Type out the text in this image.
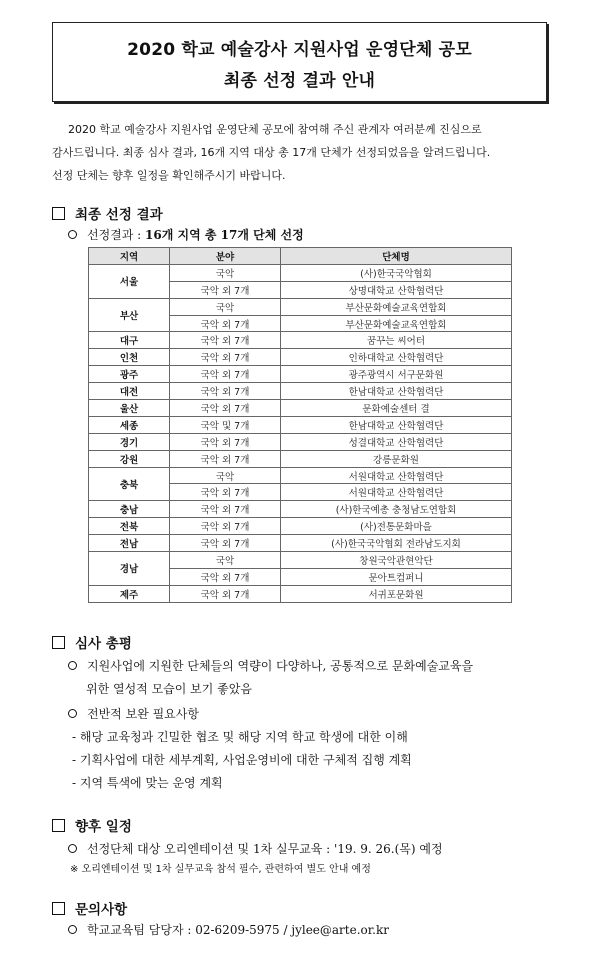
2020 학교 예술강사 지원사업 운영단체 공모
최종 선정 결과 안내
2020 학교 예술강사 지원사업 운영단체 공모에 참여해 주신 관계자 여러분께 진심으로
감사드립니다. 최종 심사 결과, 16개 지역 대상 총 17개 단체가 선정되었음을 알려드립니다.
선정 단체는 향후 일정을 확인해주시기 바랍니다.
최종 선정 결과
선정결과 : 16개 지역 총 17개 단체 선정
지역	분야	단체명
서울	국악	(사)한국국악협회
	국악 외 7개	상명대학교 산학협력단
부산	국악	부산문화예술교육연합회
	국악 외 7개	부산문화예술교육연합회
대구	국악 외 7개	꿈꾸는 씨어터
인천	국악 외 7개	인하대학교 산학협력단
광주	국악 외 7개	광주광역시 서구문화원
대전	국악 외 7개	한남대학교 산학협력단
울산	국악 외 7개	문화예술센터 결
세종	국악 및 7개	한남대학교 산학협력단
경기	국악 외 7개	성결대학교 산학협력단
강원	국악 외 7개	강릉문화원
충북	국악	서원대학교 산학협력단
	국악 외 7개	서원대학교 산학협력단
충남	국악 외 7개	(사)한국예총 충청남도연합회
전북	국악 외 7개	(사)전통문화마을
전남	국악 외 7개	(사)한국국악협회 전라남도지회
경남	국악	창원국악관현악단
	국악 외 7개	문아트컴퍼니
제주	국악 외 7개	서귀포문화원
심사 총평
지원사업에 지원한 단체들의 역량이 다양하나, 공통적으로 문화예술교육을
위한 열성적 모습이 보기 좋았음
전반적 보완 필요사항
- 해당 교육청과 긴밀한 협조 및 해당 지역 학교 학생에 대한 이해
- 기획사업에 대한 세부계획, 사업운영비에 대한 구체적 집행 계획
- 지역 특색에 맞는 운영 계획
향후 일정
선정단체 대상 오리엔테이션 및 1차 실무교육 : '19. 9. 26.(목) 예정
※ 오리엔테이션 및 1차 실무교육 참석 필수, 관련하여 별도 안내 예정
문의사항
학교교육팀 담당자 : 02-6209-5975 / jylee@arte.or.kr
